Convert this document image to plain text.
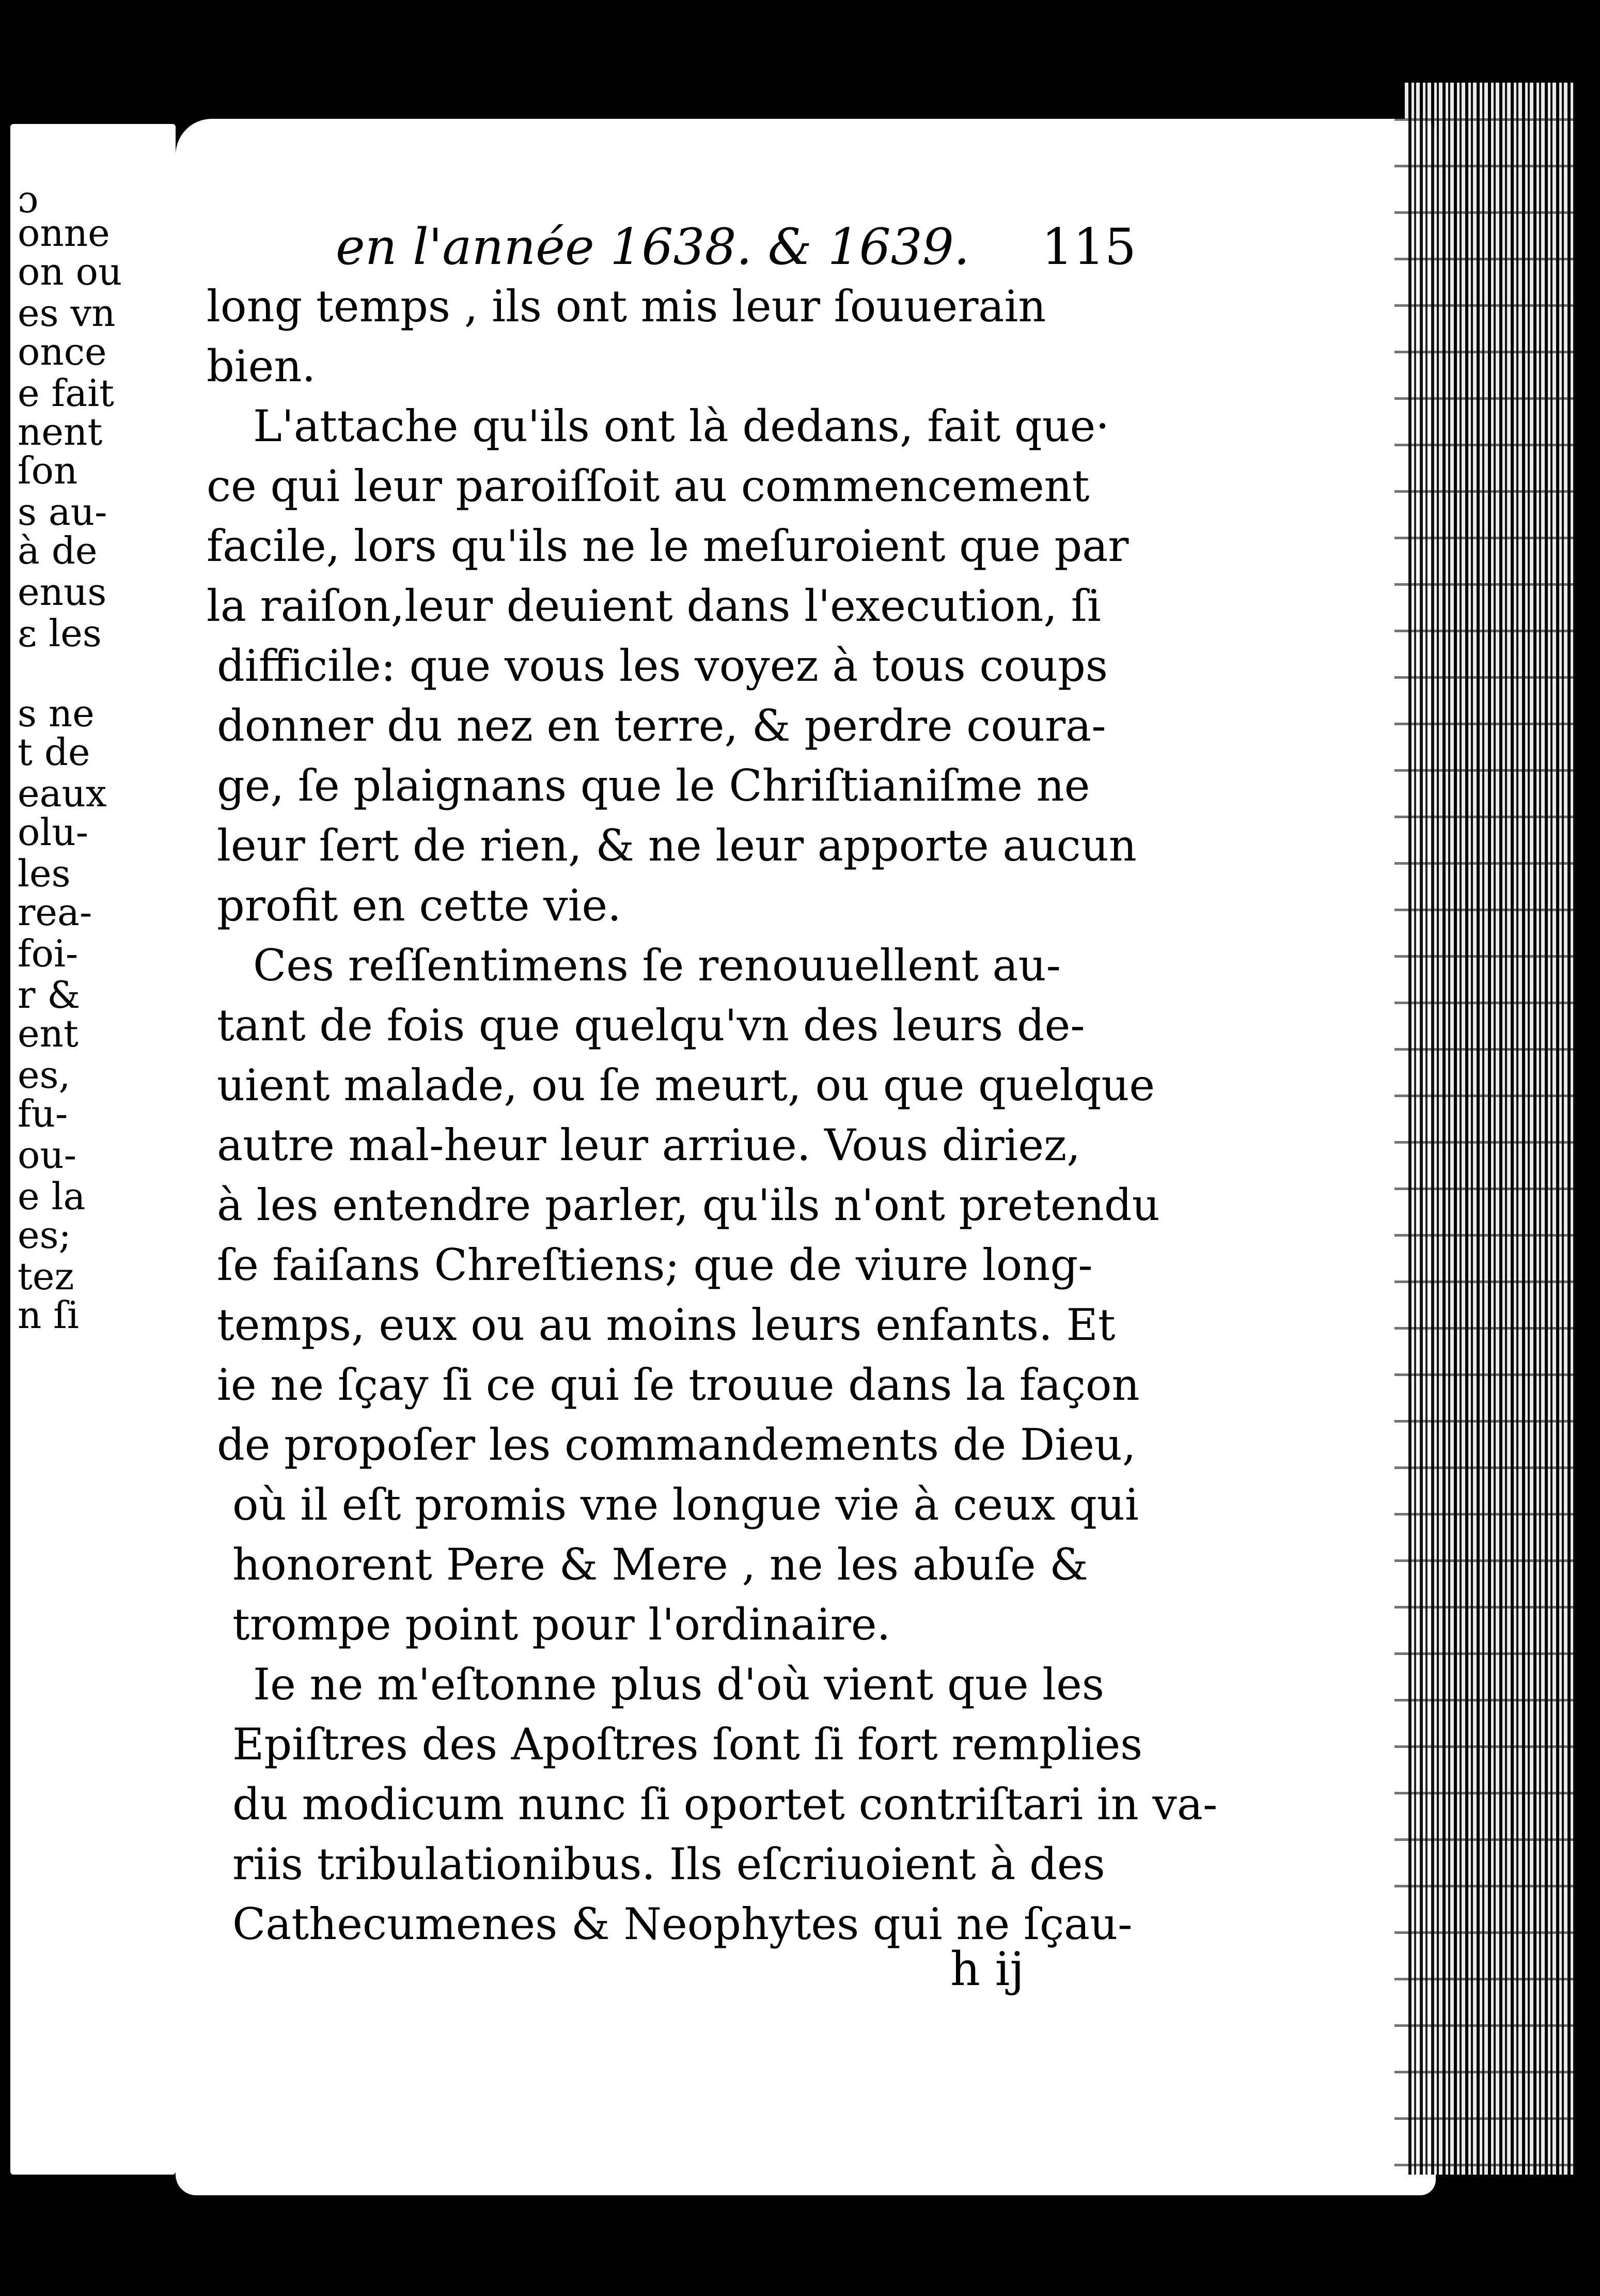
ɔ
onne
on ou
es vn
once
e fait
nent
ſon
s au-
à de
enus
ε les
s ne
t de
eaux
olu-
les
rea-
foi-
r &
ent
es,
fu-
ou-
e la
es;
tez
n ſi
en l'année 1638. & 1639. 115
long temps , ils ont mis leur ſouuerain
bien.
L'attache qu'ils ont là dedans, fait que·
ce qui leur paroiſſoit au commencement
facile, lors qu'ils ne le meſuroient que par
la raiſon,leur deuient dans l'execution, ſi
difficile: que vous les voyez à tous coups
donner du nez en terre, & perdre coura-
ge, ſe plaignans que le Chriſtianiſme ne
leur ſert de rien, & ne leur apporte aucun
profit en cette vie.
Ces reſſentimens ſe renouuellent au-
tant de fois que quelqu'vn des leurs de-
uient malade, ou ſe meurt, ou que quelque
autre mal-heur leur arriue. Vous diriez,
à les entendre parler, qu'ils n'ont pretendu
ſe faiſans Chreſtiens; que de viure long-
temps, eux ou au moins leurs enfants. Et
ie ne ſçay ſi ce qui ſe trouue dans la façon
de propoſer les commandements de Dieu,
où il eſt promis vne longue vie à ceux qui
honorent Pere & Mere , ne les abuſe &
trompe point pour l'ordinaire.
Ie ne m'eſtonne plus d'où vient que les
Epiſtres des Apoſtres ſont ſi fort remplies
du modicum nunc ſi oportet contriſtari in va-
riis tribulationibus. Ils eſcriuoient à des
Cathecumenes & Neophytes qui ne ſçau-
h ij
